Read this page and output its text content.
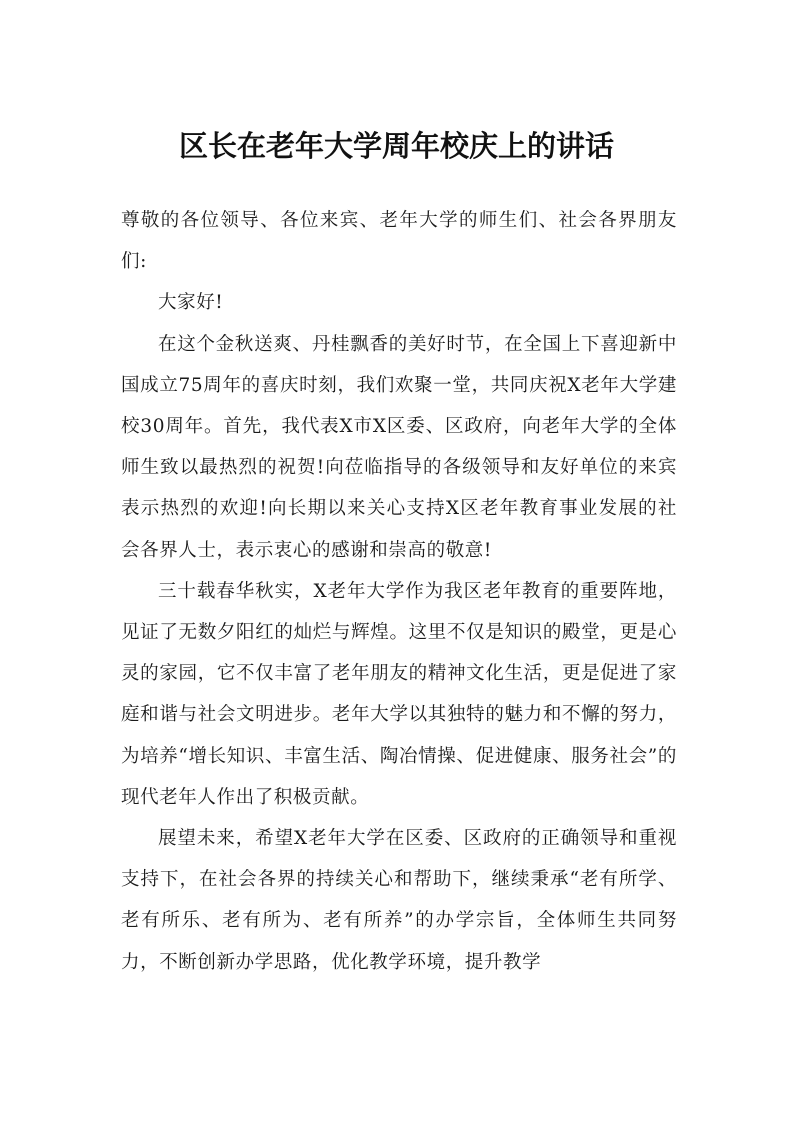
区长在老年大学周年校庆上的讲话

尊敬的各位领导、各位来宾、老年大学的师生们、社会各界朋友们:

大家好!

在这个金秋送爽、丹桂飘香的美好时节，在全国上下喜迎新中国成立75周年的喜庆时刻，我们欢聚一堂，共同庆祝X老年大学建校30周年。首先，我代表X市X区委、区政府，向老年大学的全体师生致以最热烈的祝贺!向莅临指导的各级领导和友好单位的来宾表示热烈的欢迎!向长期以来关心支持X区老年教育事业发展的社会各界人士，表示衷心的感谢和崇高的敬意!

三十载春华秋实，X老年大学作为我区老年教育的重要阵地，见证了无数夕阳红的灿烂与辉煌。这里不仅是知识的殿堂，更是心灵的家园，它不仅丰富了老年朋友的精神文化生活，更是促进了家庭和谐与社会文明进步。老年大学以其独特的魅力和不懈的努力，为培养“增长知识、丰富生活、陶冶情操、促进健康、服务社会”的现代老年人作出了积极贡献。

展望未来，希望X老年大学在区委、区政府的正确领导和重视支持下，在社会各界的持续关心和帮助下，继续秉承“老有所学、老有所乐、老有所为、老有所养”的办学宗旨，全体师生共同努力，不断创新办学思路，优化教学环境，提升教学
